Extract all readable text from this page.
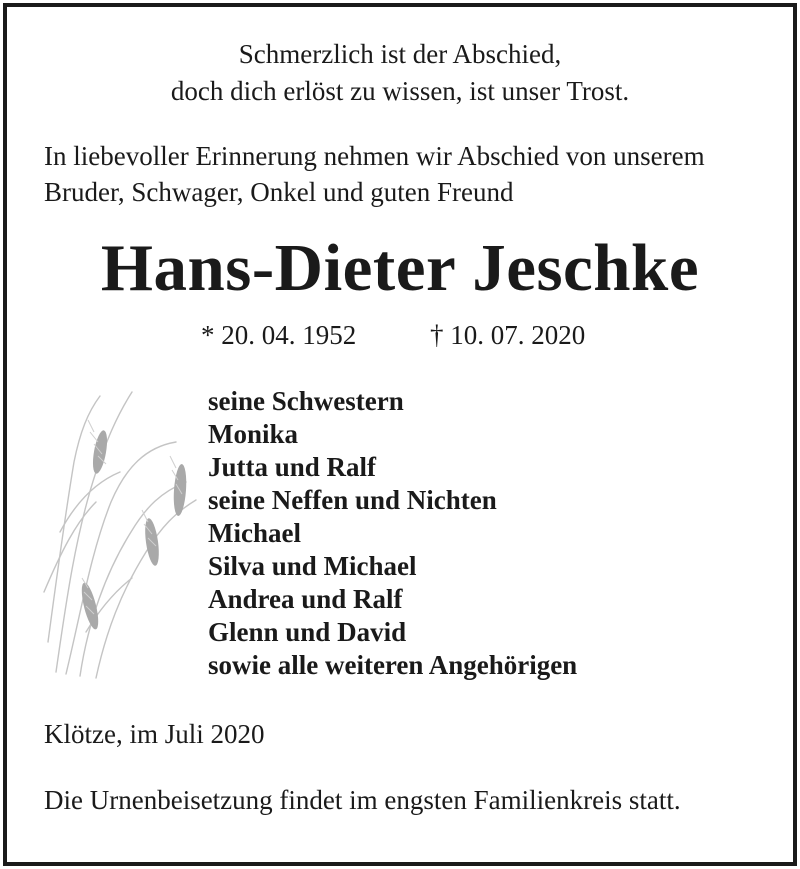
Schmerzlich ist der Abschied,
doch dich erlöst zu wissen, ist unser Trost.
In liebevoller Erinnerung nehmen wir Abschied von unserem
Bruder, Schwager, Onkel und guten Freund
Hans-Dieter Jeschke
* 20. 04. 1952	† 10. 07. 2020
seine Schwestern
Monika
Jutta und Ralf
seine Neffen und Nichten
Michael
Silva und Michael
Andrea und Ralf
Glenn und David
sowie alle weiteren Angehörigen
Klötze, im Juli 2020
Die Urnenbeisetzung findet im engsten Familienkreis statt.
